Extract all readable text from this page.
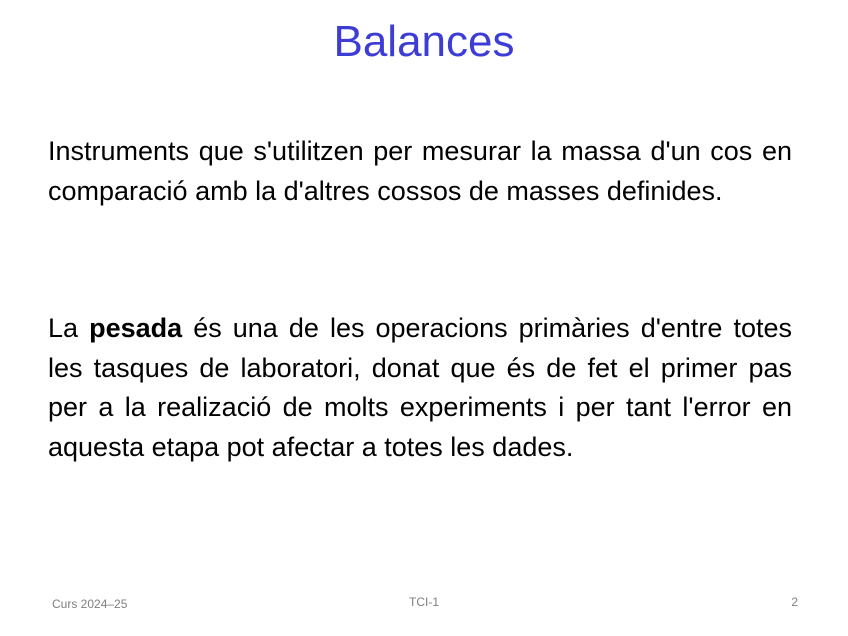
Balances

Instruments que s'utilitzen per mesurar la massa d'un cos en comparació amb la d'altres cossos de masses definides.

La pesada és una de les operacions primàries d'entre totes les tasques de laboratori, donat que és de fet el primer pas per a la realizació de molts experiments i per tant l'error en aquesta etapa pot afectar a totes les dades.

Curs 2024–25	TCI-1	2
